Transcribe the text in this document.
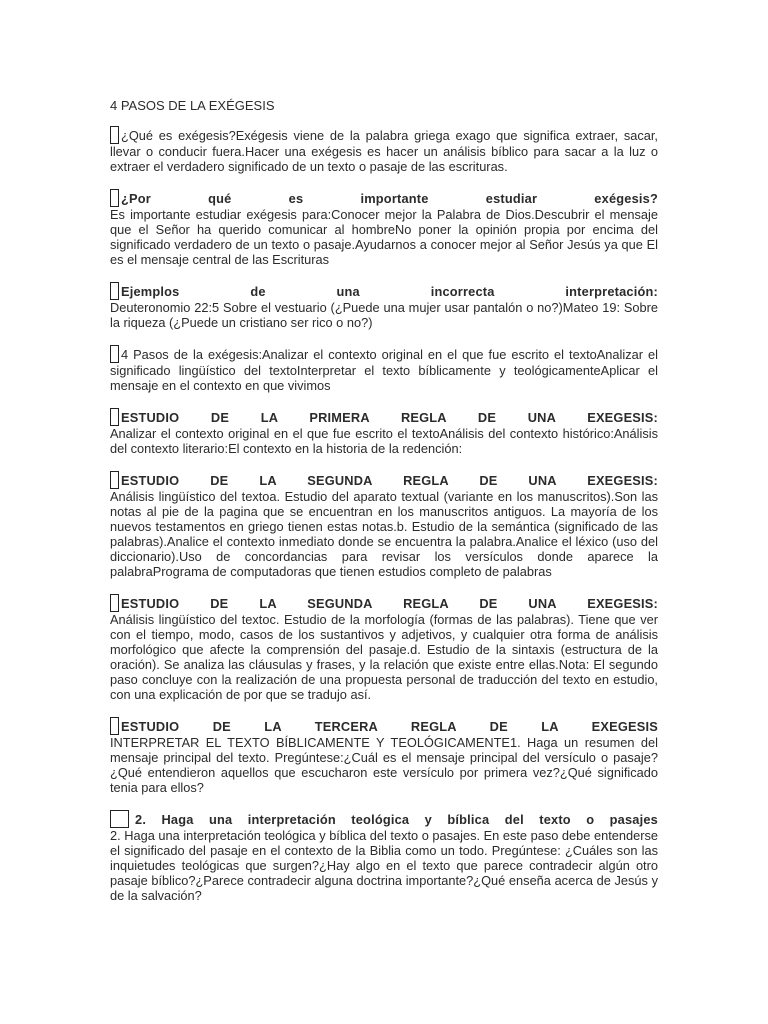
4 PASOS DE LA EXÉGESIS

¿Qué es exégesis?Exégesis viene de la palabra griega exago que significa extraer, sacar, llevar o conducir fuera.Hacer una exégesis es hacer un análisis bíblico para sacar a la luz o extraer el verdadero significado de un texto o pasaje de las escrituras.

¿Por qué es importante estudiar exégesis?

Es importante estudiar exégesis para:Conocer mejor la Palabra de Dios.Descubrir el mensaje que el Señor ha querido comunicar al hombreNo poner la opinión propia por encima del significado verdadero de un texto o pasaje.Ayudarnos a conocer mejor al Señor Jesús ya que El es el mensaje central de las Escrituras

Ejemplos de una incorrecta interpretación:

Deuteronomio 22:5 Sobre el vestuario (¿Puede una mujer usar pantalón o no?)Mateo 19: Sobre la riqueza (¿Puede un cristiano ser rico o no?)

4 Pasos de la exégesis:Analizar el contexto original en el que fue escrito el textoAnalizar el significado lingüístico del textoInterpretar el texto bíblicamente y teológicamenteAplicar el mensaje en el contexto en que vivimos

ESTUDIO DE LA PRIMERA REGLA DE UNA EXEGESIS:

Analizar el contexto original en el que fue escrito el textoAnálisis del contexto histórico:Análisis del contexto literario:El contexto en la historia de la redención:

ESTUDIO DE LA SEGUNDA REGLA DE UNA EXEGESIS:

Análisis lingüístico del textoa. Estudio del aparato textual (variante en los manuscritos).Son las notas al pie de la pagina que se encuentran en los manuscritos antiguos. La mayoría de los nuevos testamentos en griego tienen estas notas.b. Estudio de la semántica (significado de las palabras).Analice el contexto inmediato donde se encuentra la palabra.Analice el léxico (uso del diccionario).Uso de concordancias para revisar los versículos donde aparece la palabraPrograma de computadoras que tienen estudios completo de palabras

ESTUDIO DE LA SEGUNDA REGLA DE UNA EXEGESIS:

Análisis lingüístico del textoc. Estudio de la morfología (formas de las palabras). Tiene que ver con el tiempo, modo, casos de los sustantivos y adjetivos, y cualquier otra forma de análisis morfológico que afecte la comprensión del pasaje.d. Estudio de la sintaxis (estructura de la oración). Se analiza las cláusulas y frases, y la relación que existe entre ellas.Nota: El segundo paso concluye con la realización de una propuesta personal de traducción del texto en estudio, con una explicación de por que se tradujo así.

ESTUDIO DE LA TERCERA REGLA DE LA EXEGESIS

INTERPRETAR EL TEXTO BÍBLICAMENTE Y TEOLÓGICAMENTE1. Haga un resumen del mensaje principal del texto. Pregúntese:¿Cuál es el mensaje principal del versículo o pasaje?¿Qué entendieron aquellos que escucharon este versículo por primera vez?¿Qué significado tenia para ellos?

2. Haga una interpretación teológica y bíblica del texto o pasajes

2. Haga una interpretación teológica y bíblica del texto o pasajes. En este paso debe entenderse el significado del pasaje en el contexto de la Biblia como un todo. Pregúntese: ¿Cuáles son las inquietudes teológicas que surgen?¿Hay algo en el texto que parece contradecir algún otro pasaje bíblico?¿Parece contradecir alguna doctrina importante?¿Qué enseña acerca de Jesús y de la salvación?
